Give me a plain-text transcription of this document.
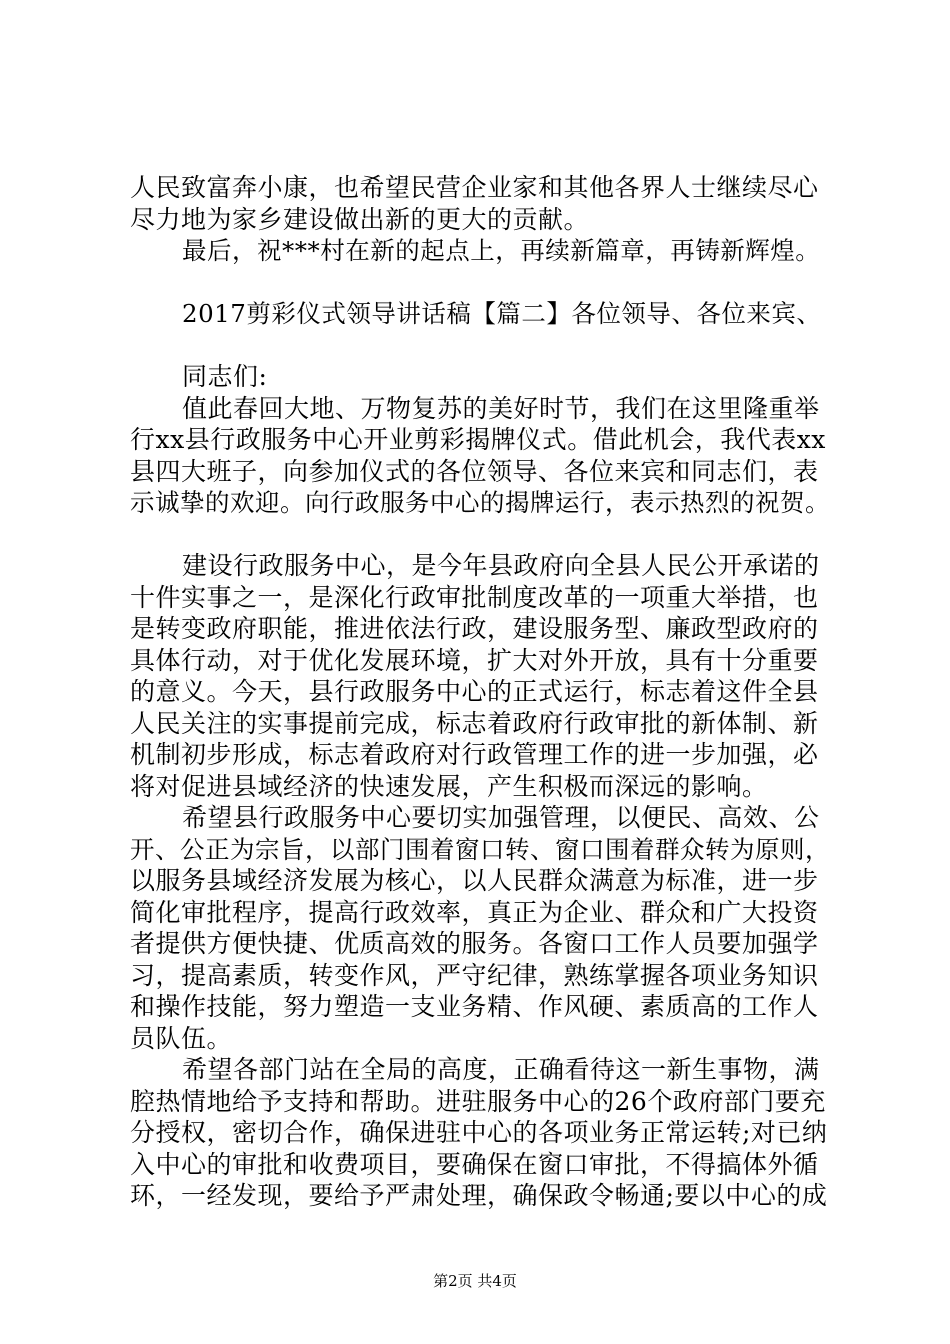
人民致富奔小康，也希望民营企业家和其他各界人士继续尽心
尽力地为家乡建设做出新的更大的贡献。
最后，祝***村在新的起点上，再续新篇章，再铸新辉煌。
2017剪彩仪式领导讲话稿【篇二】各位领导、各位来宾、
同志们:
值此春回大地、万物复苏的美好时节，我们在这里隆重举
行xx县行政服务中心开业剪彩揭牌仪式。借此机会，我代表xx
县四大班子，向参加仪式的各位领导、各位来宾和同志们，表
示诚挚的欢迎。向行政服务中心的揭牌运行，表示热烈的祝贺。
建设行政服务中心，是今年县政府向全县人民公开承诺的
十件实事之一，是深化行政审批制度改革的一项重大举措，也
是转变政府职能，推进依法行政，建设服务型、廉政型政府的
具体行动，对于优化发展环境，扩大对外开放，具有十分重要
的意义。今天，县行政服务中心的正式运行，标志着这件全县
人民关注的实事提前完成，标志着政府行政审批的新体制、新
机制初步形成，标志着政府对行政管理工作的进一步加强，必
将对促进县域经济的快速发展，产生积极而深远的影响。
希望县行政服务中心要切实加强管理，以便民、高效、公
开、公正为宗旨，以部门围着窗口转、窗口围着群众转为原则，
以服务县域经济发展为核心，以人民群众满意为标准，进一步
简化审批程序，提高行政效率，真正为企业、群众和广大投资
者提供方便快捷、优质高效的服务。各窗口工作人员要加强学
习，提高素质，转变作风，严守纪律，熟练掌握各项业务知识
和操作技能，努力塑造一支业务精、作风硬、素质高的工作人
员队伍。
希望各部门站在全局的高度，正确看待这一新生事物，满
腔热情地给予支持和帮助。进驻服务中心的26个政府部门要充
分授权，密切合作，确保进驻中心的各项业务正常运转;对已纳
入中心的审批和收费项目，要确保在窗口审批，不得搞体外循
环，一经发现，要给予严肃处理，确保政令畅通;要以中心的成
第2页 共4页
